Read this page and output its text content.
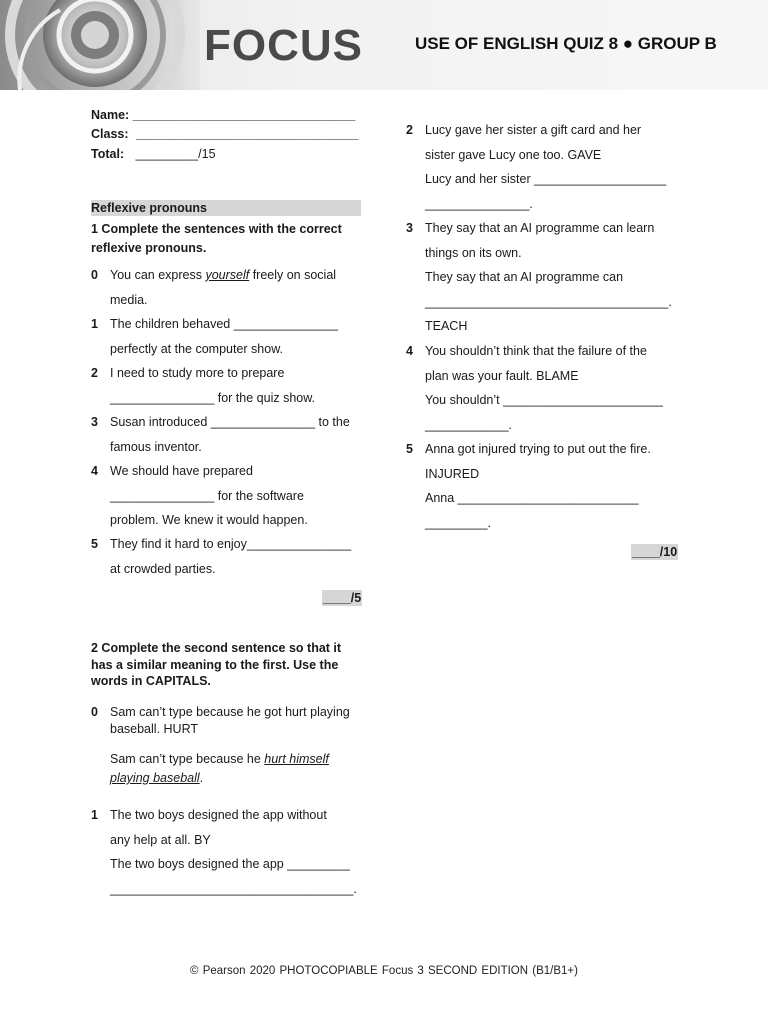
FOCUS	USE OF ENGLISH QUIZ 8 ● GROUP B
Name: ________________________________
Class: ________________________________
Total: _________/15
Reflexive pronouns
1 Complete the sentences with the correct reflexive pronouns.
0 You can express yourself freely on social
media.
1 The children behaved _______________
perfectly at the computer show.
2 I need to study more to prepare
_______________ for the quiz show.
3 Susan introduced _______________ to the
famous inventor.
4 We should have prepared
_______________ for the software
problem. We knew it would happen.
5 They find it hard to enjoy_______________
at crowded parties.
____/5
2 Complete the second sentence so that it has a similar meaning to the first. Use the words in CAPITALS.
0 Sam can’t type because he got hurt playing
baseball. HURT
Sam can’t type because he hurt himself
playing baseball.
1 The two boys designed the app without
any help at all. BY
The two boys designed the app _________
___________________________________.
2 Lucy gave her sister a gift card and her
sister gave Lucy one too. GAVE
Lucy and her sister ___________________
_______________.
3 They say that an AI programme can learn
things on its own.
They say that an AI programme can
___________________________________.
TEACH
4 You shouldn’t think that the failure of the
plan was your fault. BLAME
You shouldn’t _______________________
____________.
5 Anna got injured trying to put out the fire.
INJURED
Anna __________________________
_________.
____/10
© Pearson 2020 PHOTOCOPIABLE Focus 3 SECOND EDITION (B1/B1+)
